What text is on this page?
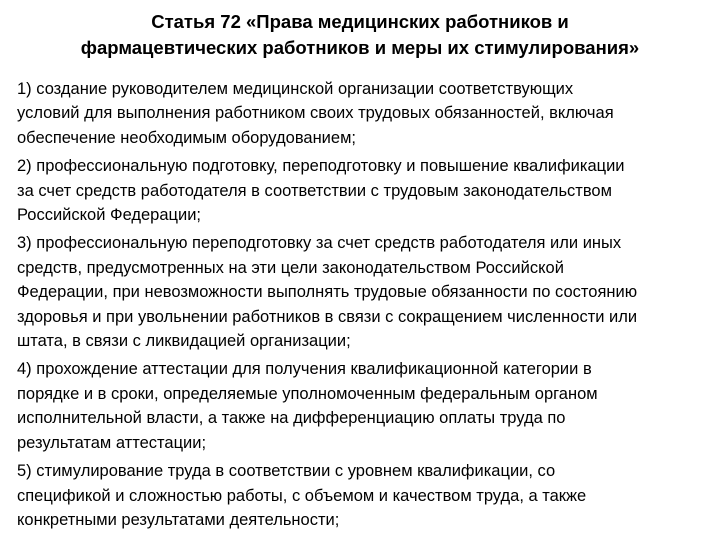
Статья 72 «Права медицинских работников и
фармацевтических работников и меры их стимулирования»
1) создание руководителем медицинской организации соответствующих
условий для выполнения работником своих трудовых обязанностей, включая
обеспечение необходимым оборудованием;
2) профессиональную подготовку, переподготовку и повышение квалификации
за счет средств работодателя в соответствии с трудовым законодательством
Российской Федерации;
3) профессиональную переподготовку за счет средств работодателя или иных
средств, предусмотренных на эти цели законодательством Российской
Федерации, при невозможности выполнять трудовые обязанности по состоянию
здоровья и при увольнении работников в связи с сокращением численности или
штата, в связи с ликвидацией организации;
4) прохождение аттестации для получения квалификационной категории в
порядке и в сроки, определяемые уполномоченным федеральным органом
исполнительной власти, а также на дифференциацию оплаты труда по
результатам аттестации;
5) стимулирование труда в соответствии с уровнем квалификации, со
спецификой и сложностью работы, с объемом и качеством труда, а также
конкретными результатами деятельности;
